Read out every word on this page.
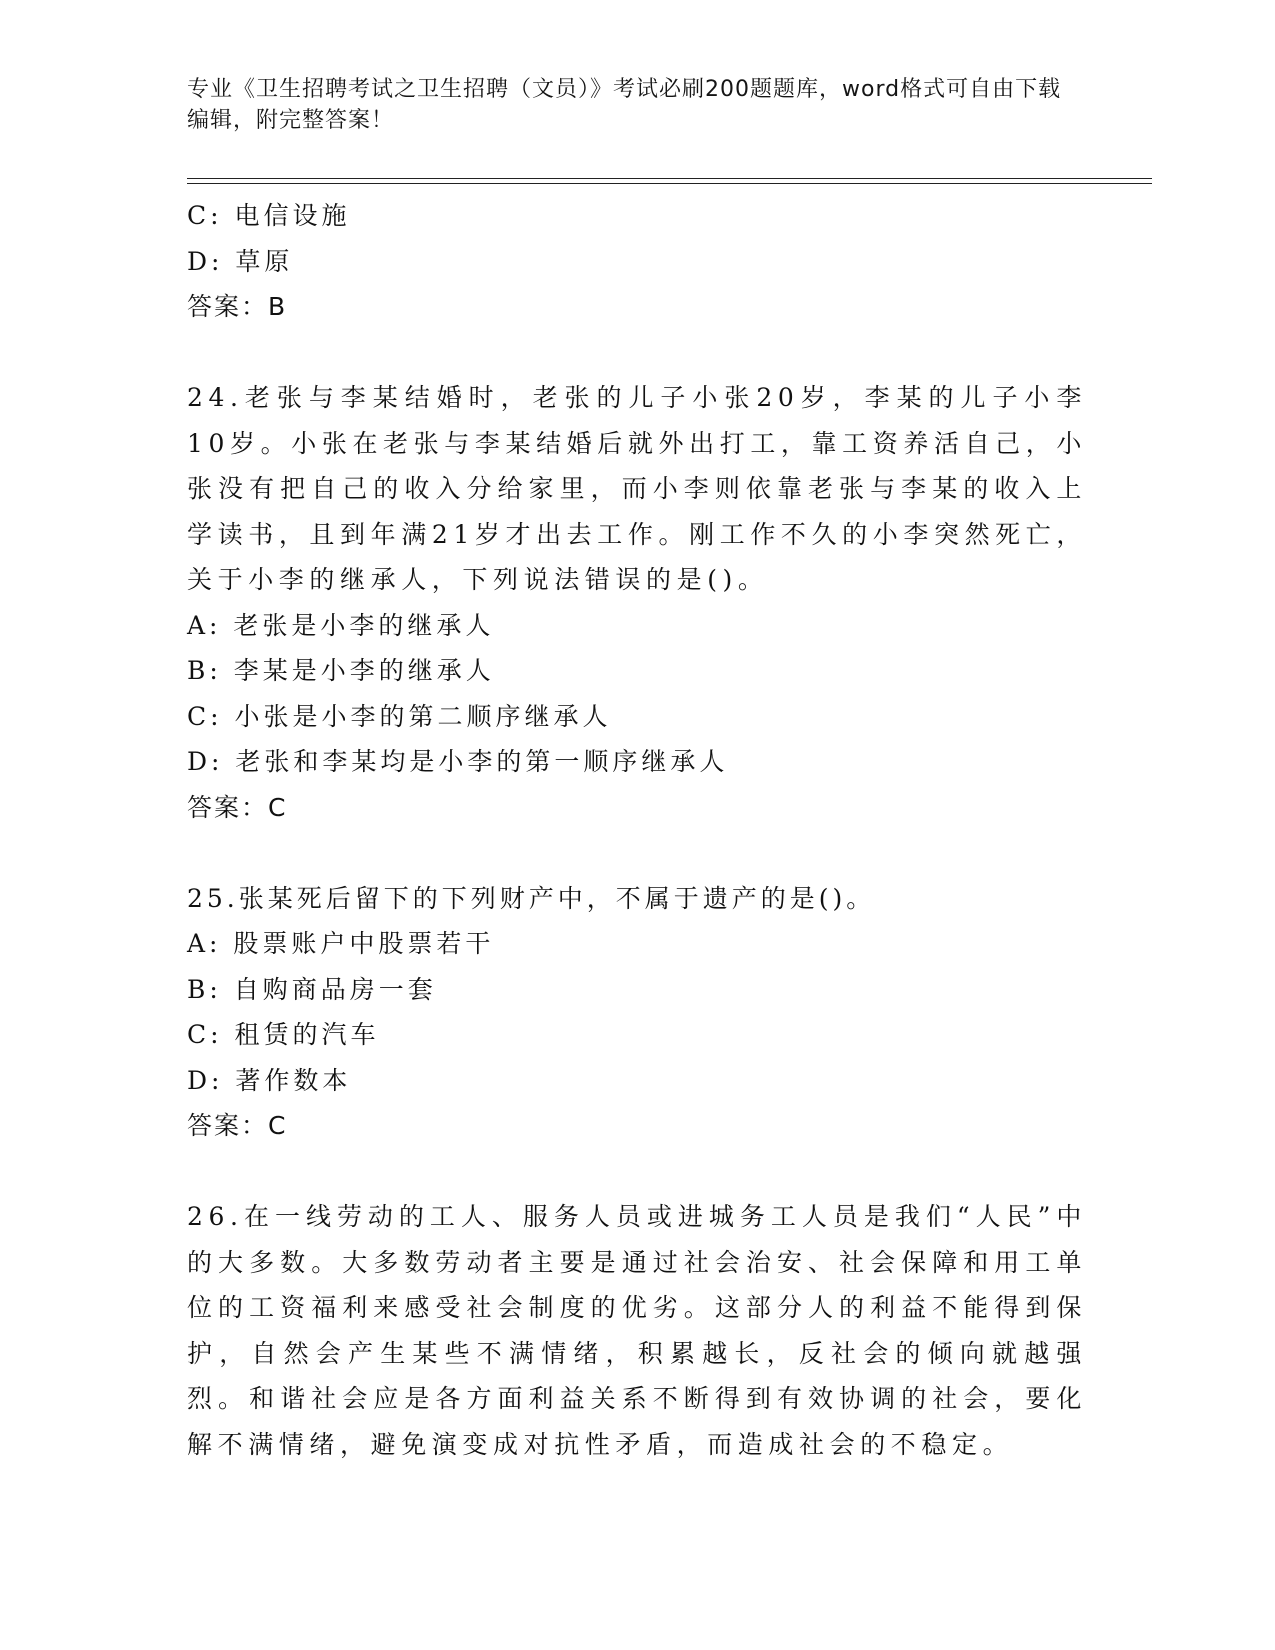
专业《卫生招聘考试之卫生招聘（文员）》考试必刷200题题库，word格式可自由下载编辑，附完整答案！
C: 电信设施
D: 草原
答案：B
24.老张与李某结婚时，老张的儿子小张20岁，李某的儿子小李10岁。小张在老张与李某结婚后就外出打工，靠工资养活自己，小张没有把自己的收入分给家里，而小李则依靠老张与李某的收入上学读书，且到年满21岁才出去工作。刚工作不久的小李突然死亡，关于小李的继承人，下列说法错误的是()。
A: 老张是小李的继承人
B: 李某是小李的继承人
C: 小张是小李的第二顺序继承人
D: 老张和李某均是小李的第一顺序继承人
答案：C
25.张某死后留下的下列财产中，不属于遗产的是()。
A: 股票账户中股票若干
B: 自购商品房一套
C: 租赁的汽车
D: 著作数本
答案：C
26.在一线劳动的工人、服务人员或进城务工人员是我们“人民”中的大多数。大多数劳动者主要是通过社会治安、社会保障和用工单位的工资福利来感受社会制度的优劣。这部分人的利益不能得到保护，自然会产生某些不满情绪，积累越长，反社会的倾向就越强烈。和谐社会应是各方面利益关系不断得到有效协调的社会，要化解不满情绪，避免演变成对抗性矛盾，而造成社会的不稳定。
